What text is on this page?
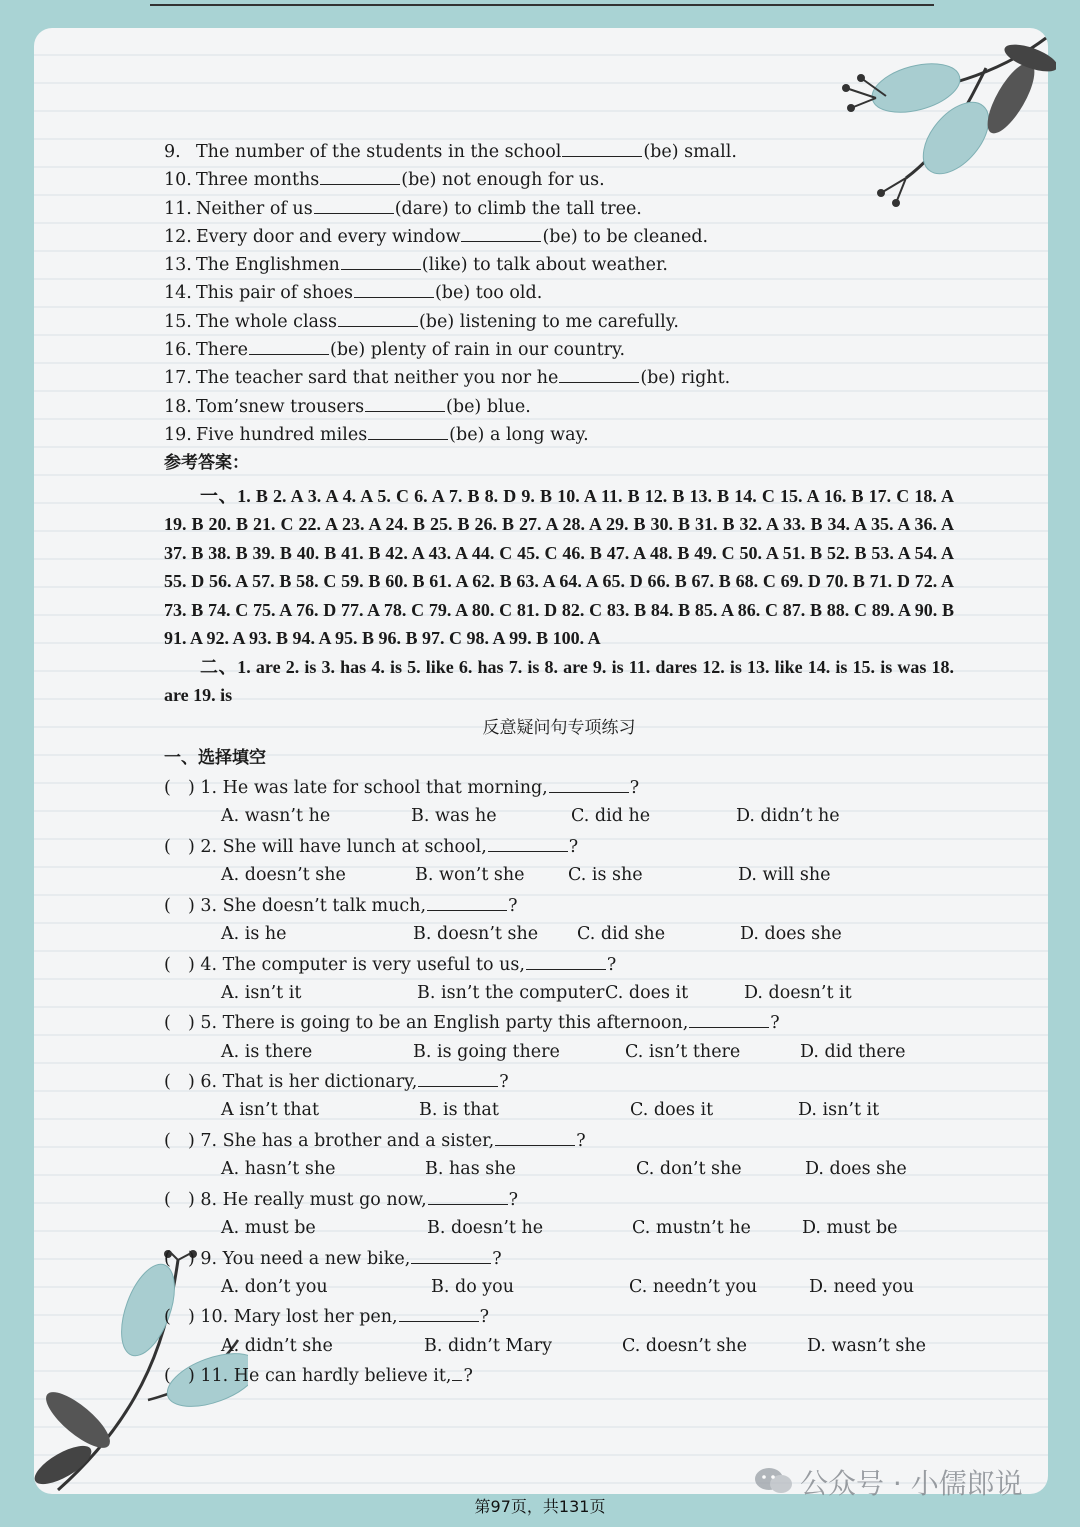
9. The number of the students in the school	(be) small.
10. Three months	(be) not enough for us.
11. Neither of us	(dare) to climb the tall tree.
12. Every door and every window	(be) to be cleaned.
13. The Englishmen	(like) to talk about weather.
14. This pair of shoes	(be) too old.
15. The whole class	(be) listening to me carefully.
16. There	(be) plenty of rain in our country.
17. The teacher sard that neither you nor he	(be) right.
18. Tom’snew trousers	(be) blue.
19. Five hundred miles	(be) a long way.
参考答案：
一、1. B 2. A 3. A 4. A 5. C 6. A 7. B 8. D 9. B 10. A 11. B 12. B 13. B 14. C 15. A 16. B 17. C 18. A 19. B 20. B 21. C 22. A 23. A 24. B 25. B 26. B 27. A 28. A 29. B 30. B 31. B 32. A 33. B 34. A 35. A 36. A 37. B 38. B 39. B 40. B 41. B 42. A 43. A 44. C 45. C 46. B 47. A 48. B 49. C 50. A 51. B 52. B 53. A 54. A 55. D 56. A 57. B 58. C 59. B 60. B 61. A 62. B 63. A 64. A 65. D 66. B 67. B 68. C 69. D 70. B 71. D 72. A 73. B 74. C 75. A 76. D 77. A 78. C 79. A 80. C 81. D 82. C 83. B 84. B 85. A 86. C 87. B 88. C 89. A 90. B 91. A 92. A 93. B 94. A 95. B 96. B 97. C 98. A 99. B 100. A
二、1. are 2. is 3. has 4. is 5. like 6. has 7. is 8. are 9. is 11. dares 12. is 13. like 14. is 15. is was 18. are 19. is
反意疑问句专项练习
一、选择填空
( ) 1. He was late for school that morning,	?
A. wasn’t he	B. was he	C. did he	D. didn’t he
( ) 2. She will have lunch at school,	?
A. doesn’t she	B. won’t she C. is she	D. will she
( ) 3. She doesn’t talk much,	?
A. is he	B. doesn’t she C. did she	D. does she
( ) 4. The computer is very useful to us,	?
A. isn’t it	B. isn’t the computer C. does it	D. doesn’t it
( ) 5. There is going to be an English party this afternoon,	?
A. is there	B. is going there	C. isn’t there	D. did there
( ) 6. That is her dictionary,	?
A isn’t that	B. is that	C. does it	D. isn’t it
( ) 7. She has a brother and a sister,	?
A. hasn’t she	B. has she	C. don’t she	D. does she
( ) 8. He really must go now,	?
A. must be	B. doesn’t he	C. mustn’t he	D. must be
( ) 9. You need a new bike,	?
A. don’t you	B. do you	C. needn’t you	D. need you
( ) 10. Mary lost her pen,	?
A. didn’t she	B. didn’t Mary	C. doesn’t she	D. wasn’t she
( ) 11. He can hardly believe it, ?
第97页，共131页
公众号 · 小儒郎说
